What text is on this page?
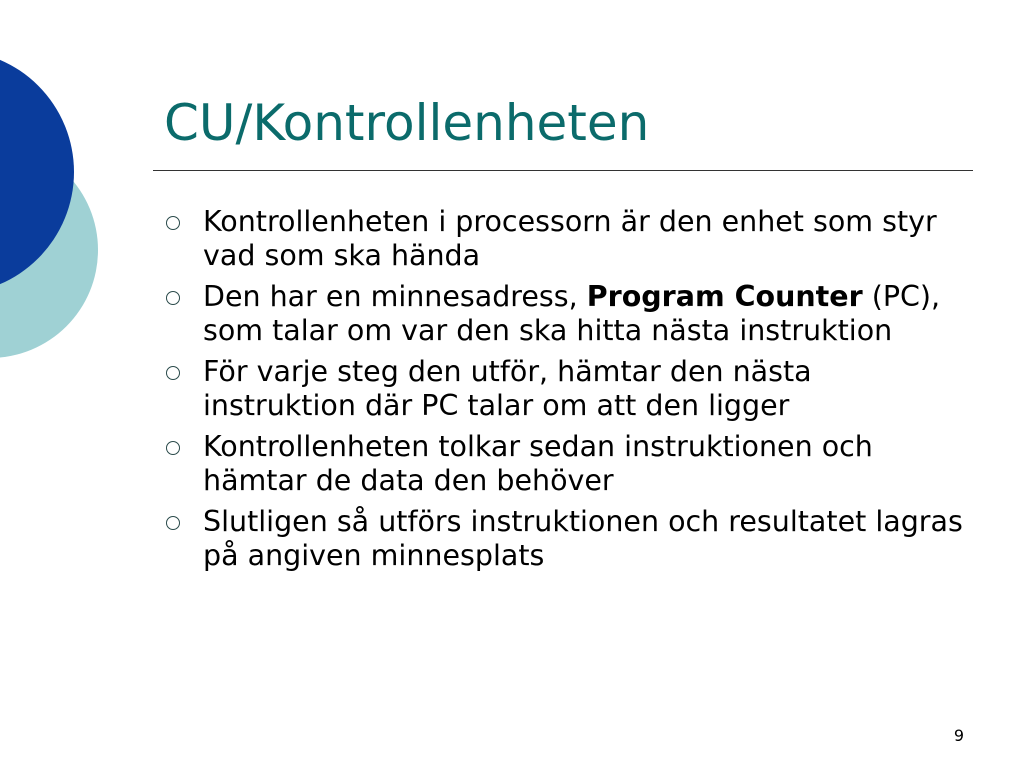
CU/Kontrollenheten
Kontrollenheten i processorn är den enhet som styr vad som ska hända
Den har en minnesadress, Program Counter (PC), som talar om var den ska hitta nästa instruktion
För varje steg den utför, hämtar den nästa instruktion där PC talar om att den ligger
Kontrollenheten tolkar sedan instruktionen och hämtar de data den behöver
Slutligen så utförs instruktionen och resultatet lagras på angiven minnesplats
9
